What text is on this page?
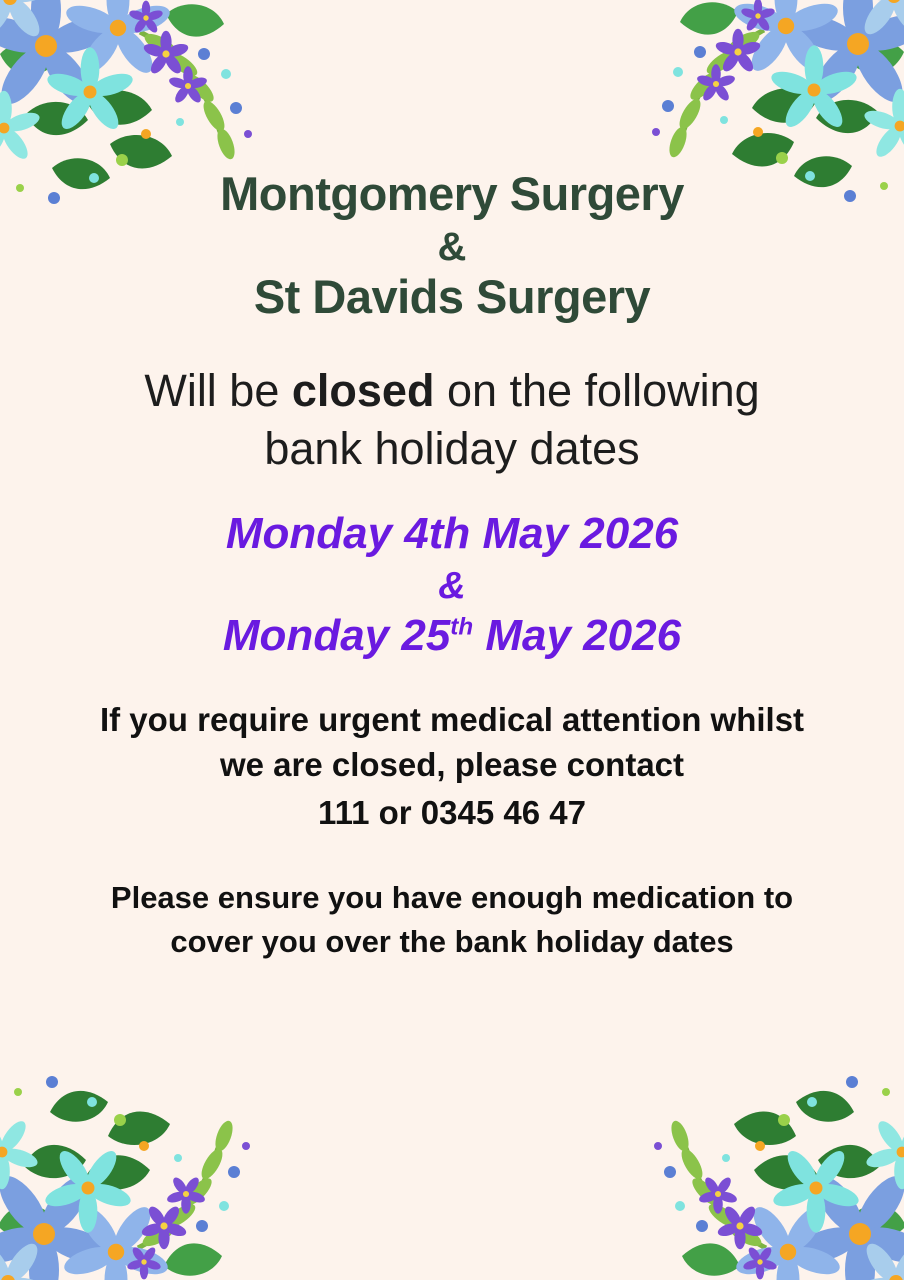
Montgomery Surgery
&
St Davids Surgery
Will be closed on the following
bank holiday dates
Monday 4th May 2026
&
Monday 25th May 2026
If you require urgent medical attention whilst
we are closed, please contact
111 or 0345 46 47
Please ensure you have enough medication to
cover you over the bank holiday dates
